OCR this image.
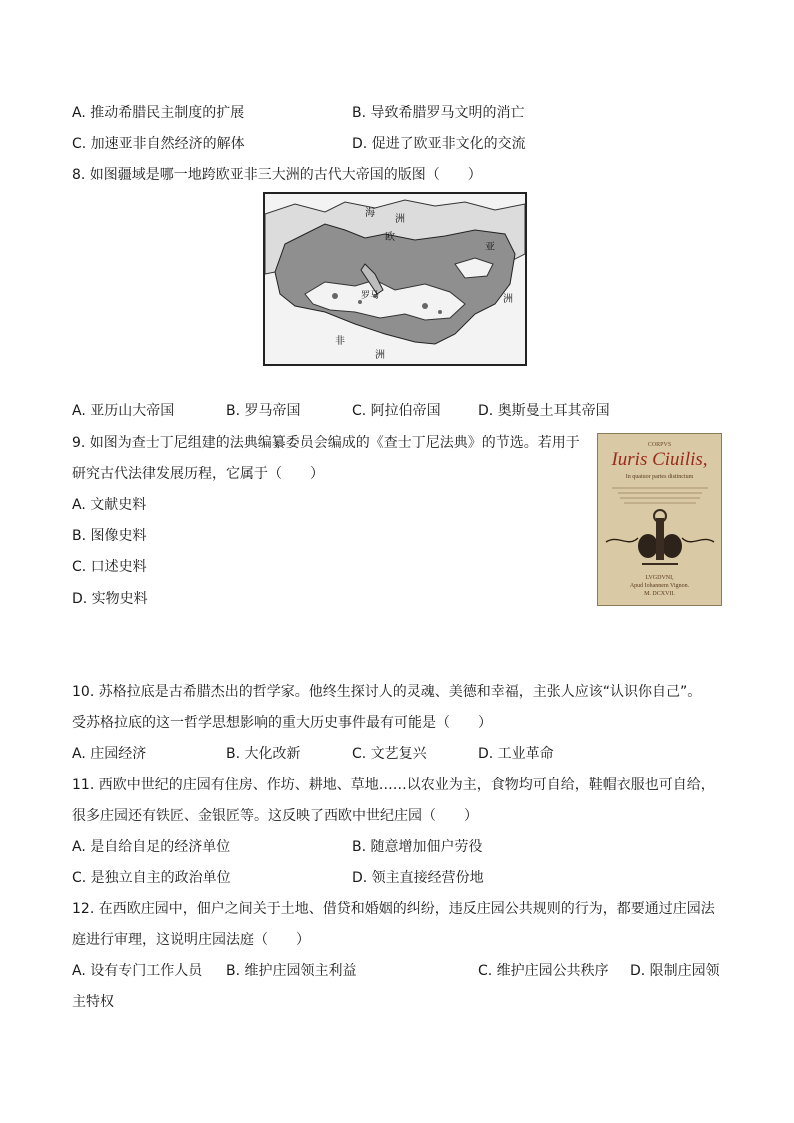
A. 推动希腊民主制度的扩展	B. 导致希腊罗马文明的消亡
C. 加速亚非自然经济的解体	D. 促进了欧亚非文化的交流
8. 如图疆域是哪一地跨欧亚非三大洲的古代大帝国的版图（　　）
欧
洲
亚
洲
非
洲
海
罗马
A. 亚历山大帝国	B. 罗马帝国	C. 阿拉伯帝国	D. 奥斯曼土耳其帝国
9. 如图为查士丁尼组建的法典编纂委员会编成的《查士丁尼法典》的节选。若用于
研究古代法律发展历程，它属于（　　）
A. 文献史料
B. 图像史料
C. 口述史料
D. 实物史料
CORPVS
Iuris Ciuilis,
In quatuor partes distinctum
LVGDVNI,
Apud Iohannem Vignon.
M. DCXVII.
10. 苏格拉底是古希腊杰出的哲学家。他终生探讨人的灵魂、美德和幸福，主张人应该“认识你自己”。
受苏格拉底的这一哲学思想影响的重大历史事件最有可能是（　　）
A. 庄园经济	B. 大化改新	C. 文艺复兴	D. 工业革命
11. 西欧中世纪的庄园有住房、作坊、耕地、草地……以农业为主，食物均可自给，鞋帽衣服也可自给，
很多庄园还有铁匠、金银匠等。这反映了西欧中世纪庄园（　　）
A. 是自给自足的经济单位	B. 随意增加佃户劳役
C. 是独立自主的政治单位	D. 领主直接经营份地
12. 在西欧庄园中，佃户之间关于土地、借贷和婚姻的纠纷，违反庄园公共规则的行为，都要通过庄园法
庭进行审理，这说明庄园法庭（　　）
A. 设有专门工作人员 B. 维护庄园领主利益	C. 维护庄园公共秩序 D. 限制庄园领
主特权
